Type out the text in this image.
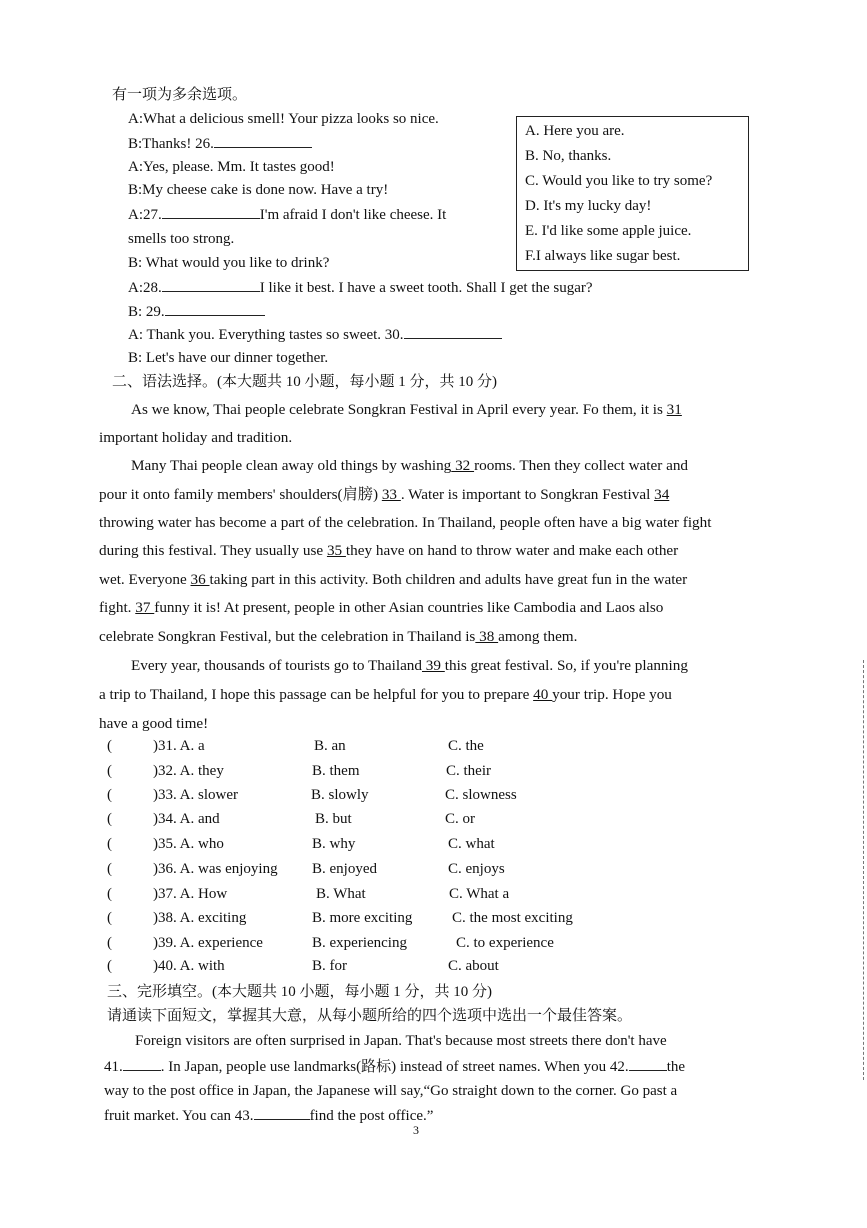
有一项为多余选项。
A:What a delicious smell! Your pizza looks so nice.
B:Thanks! 26.
A:Yes, please. Mm. It tastes good!
B:My cheese cake is done now. Have a try!
A:27.	I'm afraid I don't like cheese. It
smells too strong.
B: What would you like to drink?
A:28.	I like it best. I have a sweet tooth. Shall I get the sugar?
B: 29.
A: Thank you. Everything tastes so sweet. 30.
B: Let's have our dinner together.
A. Here you are.
B. No, thanks.
C. Would you like to try some?
D. It's my lucky day!
E. I'd like some apple juice.
F.I always like sugar best.
二、语法选择。(本大题共 10 小题，每小题 1 分，共 10 分)
As we know, Thai people celebrate Songkran Festival in April every year. Fo them, it is 31
important holiday and tradition.
Many Thai people clean away old things by washing 32 rooms. Then they collect water and
pour it onto family members' shoulders(肩膀) 33 . Water is important to Songkran Festival 34
throwing water has become a part of the celebration. In Thailand, people often have a big water fight
during this festival. They usually use 35 they have on hand to throw water and make each other
wet. Everyone 36 taking part in this activity. Both children and adults have great fun in the water
fight. 37 funny it is! At present, people in other Asian countries like Cambodia and Laos also
celebrate Songkran Festival, but the celebration in Thailand is 38 among them.
Every year, thousands of tourists go to Thailand 39 this great festival. So, if you're planning
a trip to Thailand, I hope this passage can be helpful for you to prepare 40 your trip. Hope you
have a good time!
(	)31. A. a	B. an	C. the
(	)32. A. they	B. them	C. their
(	)33. A. slower	B. slowly	C. slowness
(	)34. A. and	B. but	C. or
(	)35. A. who	B. why	C. what
(	)36. A. was enjoying B. enjoyed	C. enjoys
(	)37. A. How	B. What	C. What a
(	)38. A. exciting	B. more exciting	C. the most exciting
(	)39. A. experience	B. experiencing	C. to experience
(	)40. A. with	B. for	C. about
三、完形填空。(本大题共 10 小题，每小题 1 分，共 10 分)
请通读下面短文，掌握其大意，从每小题所给的四个选项中选出一个最佳答案。
Foreign visitors are often surprised in Japan. That's because most streets there don't have
41.	. In Japan, people use landmarks(路标) instead of street names. When you 42.	the
way to the post office in Japan, the Japanese will say,“Go straight down to the corner. Go past a
fruit market. You can 43.	find the post office.”
3
